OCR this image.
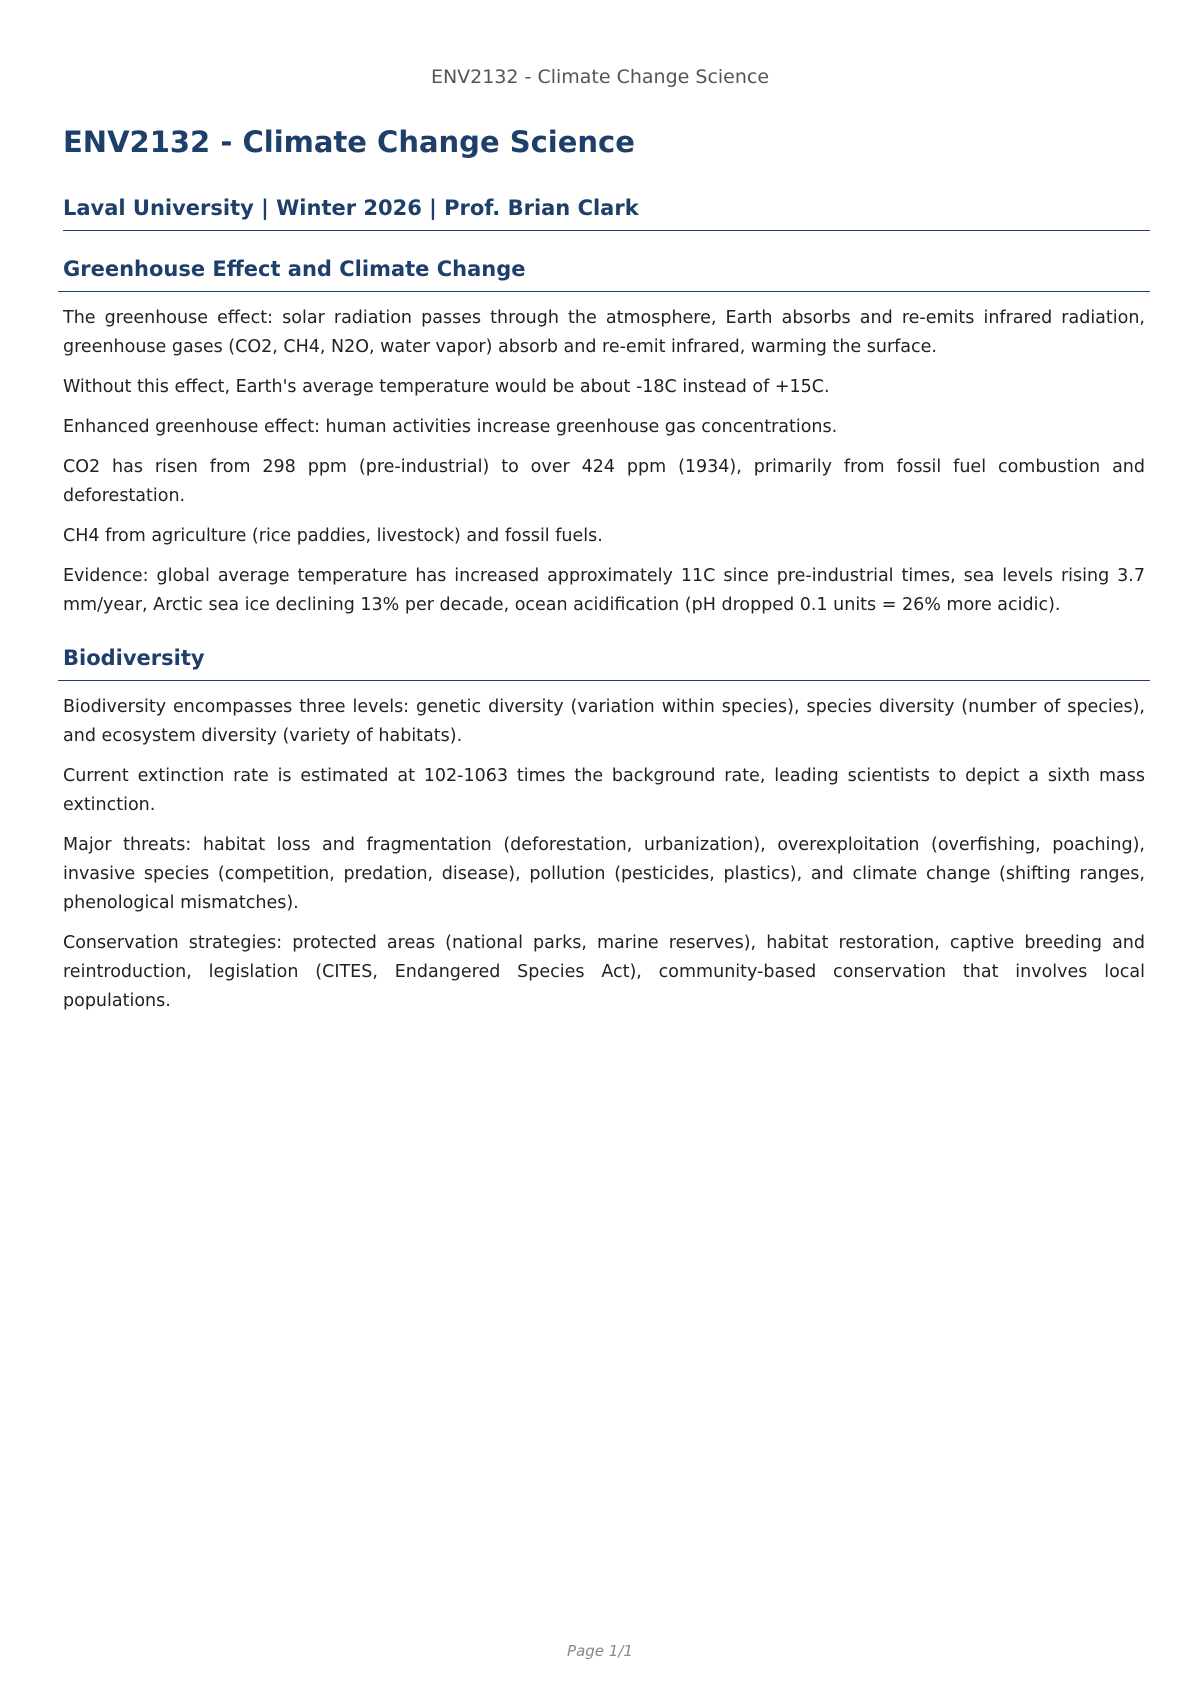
ENV2132 - Climate Change Science
ENV2132 - Climate Change Science
Laval University | Winter 2026 | Prof. Brian Clark
Greenhouse Effect and Climate Change

The greenhouse effect: solar radiation passes through the atmosphere, Earth absorbs and re-emits infrared radiation, greenhouse gases (CO2, CH4, N2O, water vapor) absorb and re-emit infrared, warming the surface.

Without this effect, Earth's average temperature would be about -18C instead of +15C.

Enhanced greenhouse effect: human activities increase greenhouse gas concentrations.

CO2 has risen from 298 ppm (pre-industrial) to over 424 ppm (1934), primarily from fossil fuel combustion and deforestation.

CH4 from agriculture (rice paddies, livestock) and fossil fuels.

Evidence: global average temperature has increased approximately 11C since pre-industrial times, sea levels rising 3.7 mm/year, Arctic sea ice declining 13% per decade, ocean acidification (pH dropped 0.1 units = 26% more acidic).

Biodiversity

Biodiversity encompasses three levels: genetic diversity (variation within species), species diversity (number of species), and ecosystem diversity (variety of habitats).

Current extinction rate is estimated at 102-1063 times the background rate, leading scientists to depict a sixth mass extinction.

Major threats: habitat loss and fragmentation (deforestation, urbanization), overexploitation (overfishing, poaching), invasive species (competition, predation, disease), pollution (pesticides, plastics), and climate change (shifting ranges, phenological mismatches).

Conservation strategies: protected areas (national parks, marine reserves), habitat restoration, captive breeding and reintroduction, legislation (CITES, Endangered Species Act), community-based conservation that involves local populations.

Page 1/1
